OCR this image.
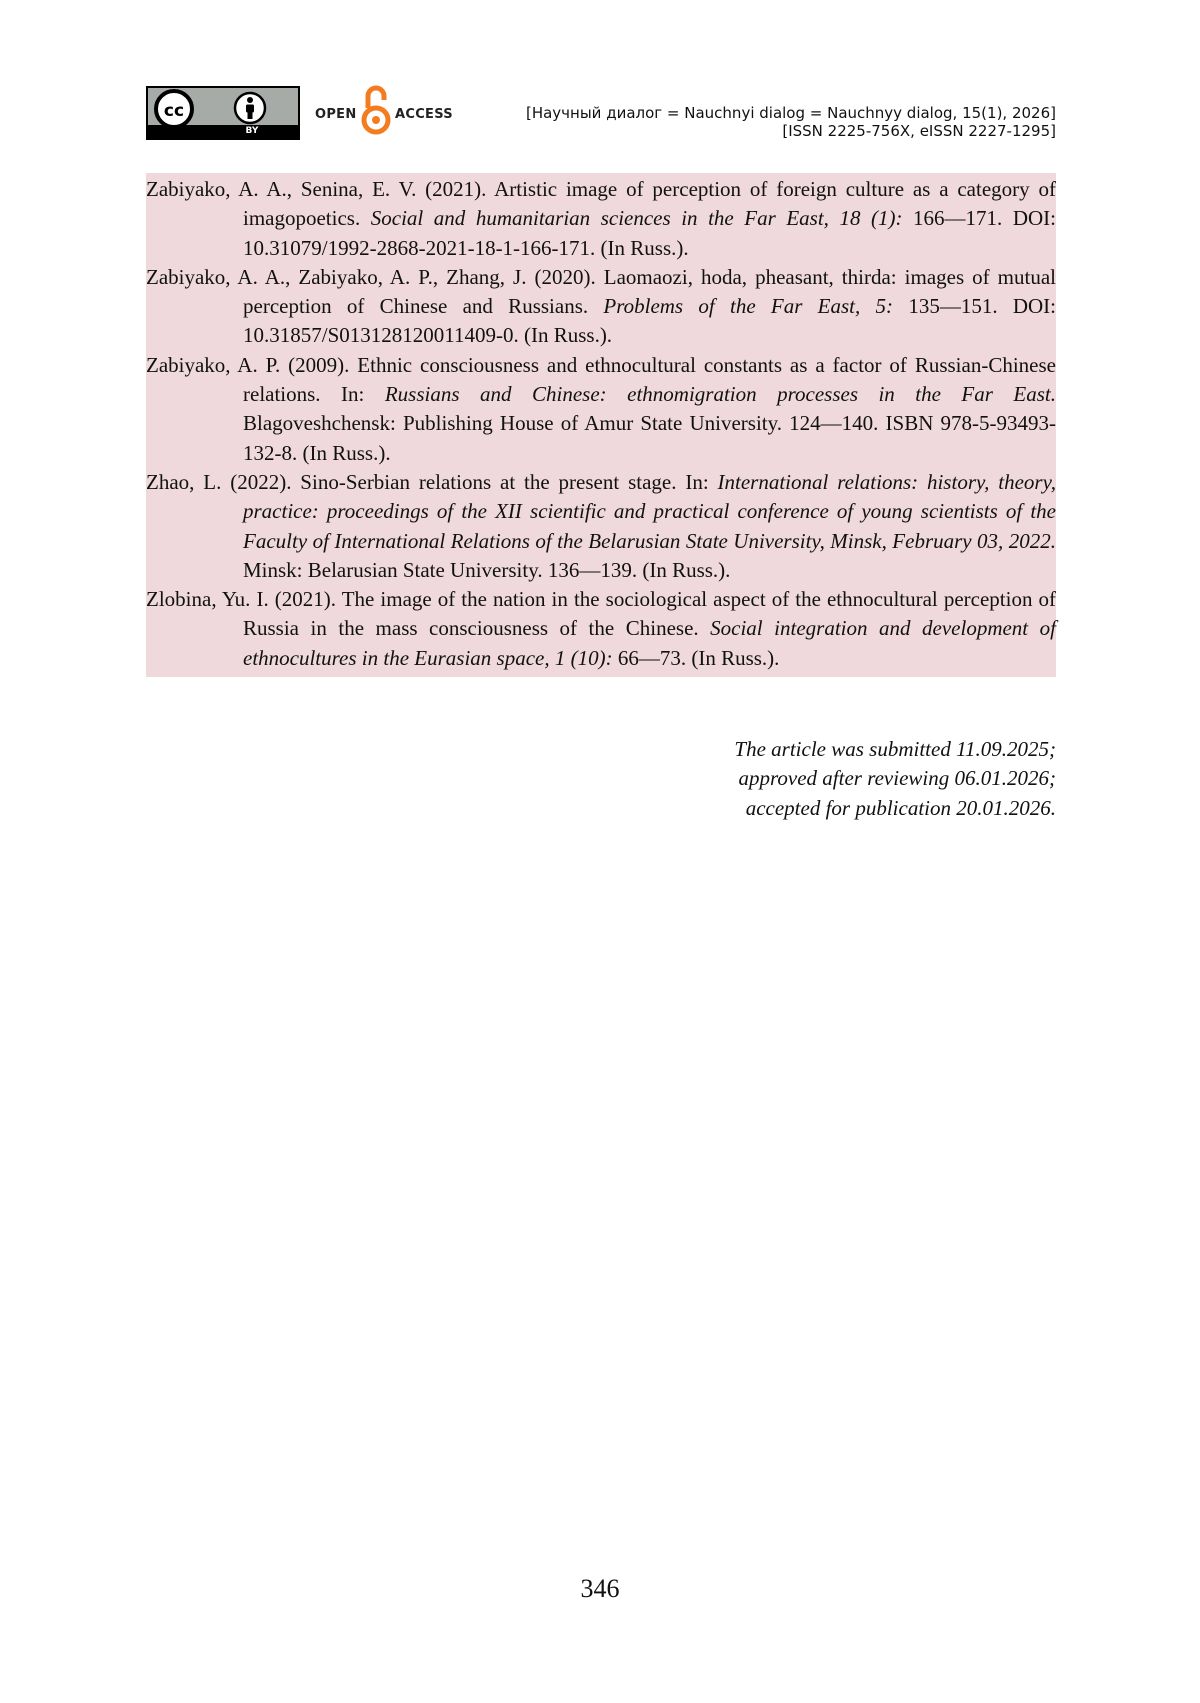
cc
BY
OPEN	ACCESS	[Научный диалог = Nauchnyi dialog = Nauchnyy dialog, 15(1), 2026]
[ISSN 2225-756X, eISSN 2227-1295]

Zabiyako, A. A., Senina, E. V. (2021). Artistic image of perception of foreign culture as a category of imagopoetics. Social and humanitarian sciences in the Far East, 18 (1): 166—171. DOI: 10.31079/1992-2868-2021-18-1-166-171. (In Russ.).

Zabiyako, A. A., Zabiyako, A. P., Zhang, J. (2020). Laomaozi, hoda, pheasant, thirda: images of mutual perception of Chinese and Russians. Problems of the Far East, 5: 135—151. DOI: 10.31857/S013128120011409-0. (In Russ.).

Zabiyako, A. P. (2009). Ethnic consciousness and ethnocultural constants as a factor of Russian-Chinese relations. In: Russians and Chinese: ethnomigration processes in the Far East. Blagoveshchensk: Publishing House of Amur State University. 124—140. ISBN 978-5-93493-132-8. (In Russ.).

Zhao, L. (2022). Sino-Serbian relations at the present stage. In: International relations: history, theory, practice: proceedings of the XII scientific and practical conference of young scientists of the Faculty of International Relations of the Belarusian State University, Minsk, February 03, 2022. Minsk: Belarusian State University. 136—139. (In Russ.).

Zlobina, Yu. I. (2021). The image of the nation in the sociological aspect of the ethnocultural perception of Russia in the mass consciousness of the Chinese. Social integration and development of ethnocultures in the Eurasian space, 1 (10): 66—73. (In Russ.).

The article was submitted 11.09.2025;
approved after reviewing 06.01.2026;
accepted for publication 20.01.2026.
346
